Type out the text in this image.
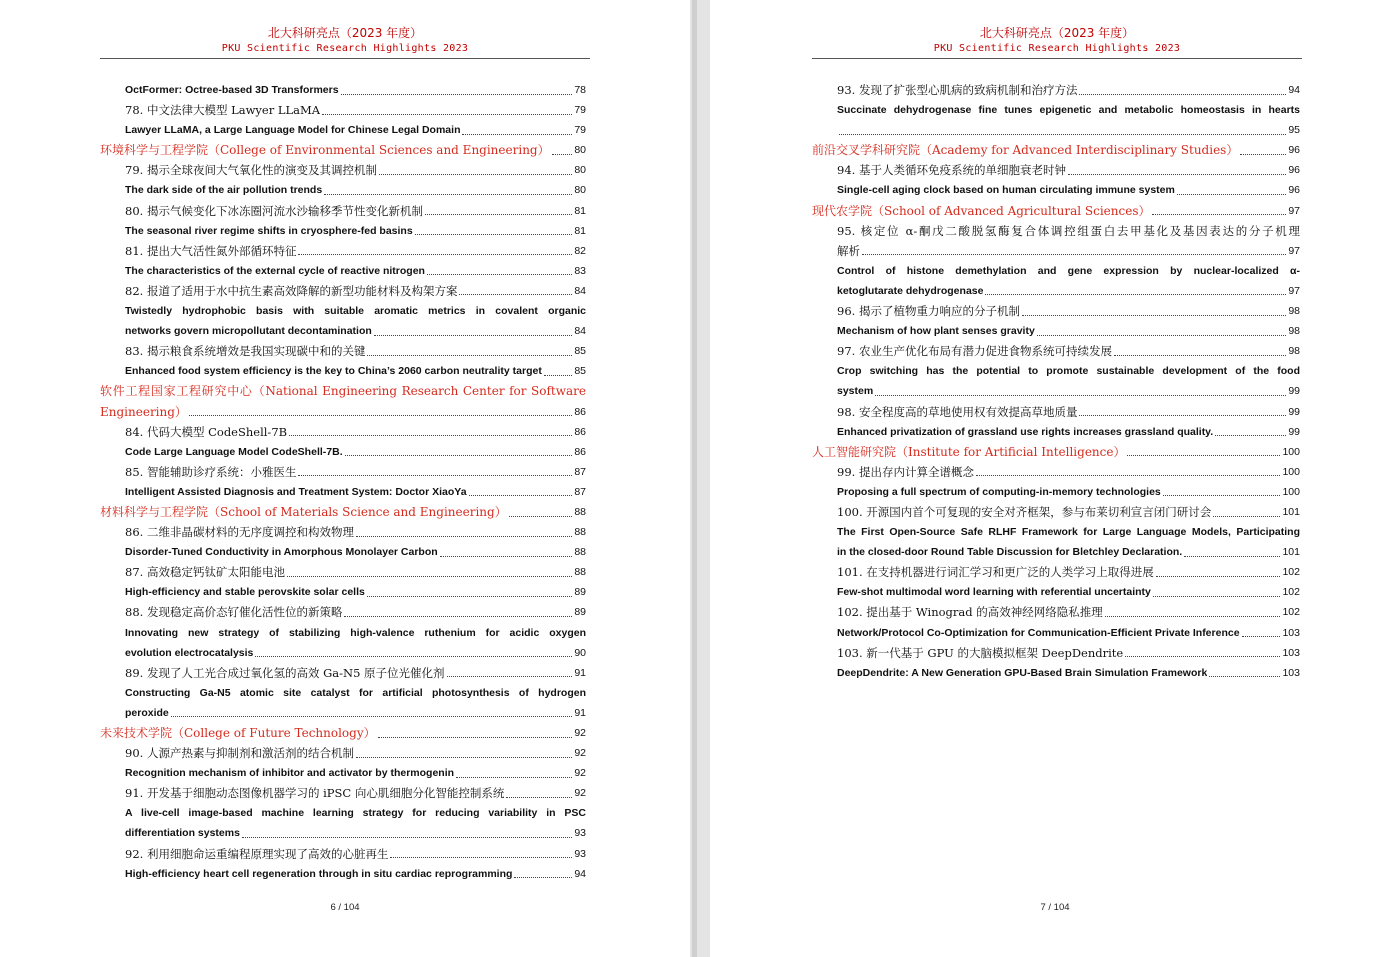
北大科研亮点（2023 年度）
PKU Scientific Research Highlights 2023
OctFormer: Octree-based 3D Transformers	78
78. 中文法律大模型 Lawyer LLaMA	79
Lawyer LLaMA, a Large Language Model for Chinese Legal Domain	79
环境科学与工程学院（College of Environmental Sciences and Engineering） 80
79. 揭示全球夜间大气氧化性的演变及其调控机制	80
The dark side of the air pollution trends	80
80. 揭示气候变化下冰冻圈河流水沙输移季节性变化新机制	81
The seasonal river regime shifts in cryosphere-fed basins	81
81. 提出大气活性氮外部循环特征	82
The characteristics of the external cycle of reactive nitrogen	83
82. 报道了适用于水中抗生素高效降解的新型功能材料及构架方案	84
Twistedly hydrophobic basis with suitable aromatic metrics in covalent organic
networks govern micropollutant decontamination	84
83. 揭示粮食系统增效是我国实现碳中和的关键	85
Enhanced food system efficiency is the key to China’s 2060 carbon neutrality target	85
软件工程国家工程研究中心（National Engineering Research Center for Software
Engineering）	86
84. 代码大模型 CodeShell-7B	86
Code Large Language Model CodeShell-7B.	86
85. 智能辅助诊疗系统：小雅医生	87
Intelligent Assisted Diagnosis and Treatment System: Doctor XiaoYa	87
材料科学与工程学院（School of Materials Science and Engineering）	88
86. 二维非晶碳材料的无序度调控和构效物理	88
Disorder-Tuned Conductivity in Amorphous Monolayer Carbon	88
87. 高效稳定钙钛矿太阳能电池	88
High-efficiency and stable perovskite solar cells	89
88. 发现稳定高价态钌催化活性位的新策略	89
Innovating new strategy of stabilizing high-valence ruthenium for acidic oxygen
evolution electrocatalysis	90
89. 发现了人工光合成过氧化氢的高效 Ga-N5 原子位光催化剂	91
Constructing Ga-N5 atomic site catalyst for artificial photosynthesis of hydrogen
peroxide	91
未来技术学院（College of Future Technology）	92
90. 人源产热素与抑制剂和激活剂的结合机制	92
Recognition mechanism of inhibitor and activator by thermogenin	92
91. 开发基于细胞动态图像机器学习的 iPSC 向心肌细胞分化智能控制系统	92
A live-cell image-based machine learning strategy for reducing variability in PSC
differentiation systems	93
92. 利用细胞命运重编程原理实现了高效的心脏再生	93
High-efficiency heart cell regeneration through in situ cardiac reprogramming	94
6 / 104
北大科研亮点（2023 年度）
PKU Scientific Research Highlights 2023
93. 发现了扩张型心肌病的致病机制和治疗方法	94
Succinate dehydrogenase fine tunes epigenetic and metabolic homeostasis in hearts
95
前沿交叉学科研究院（Academy for Advanced Interdisciplinary Studies）	96
94. 基于人类循环免疫系统的单细胞衰老时钟	96
Single-cell aging clock based on human circulating immune system	96
现代农学院（School of Advanced Agricultural Sciences）	97
95. 核定位 α-酮戊二酸脱氢酶复合体调控组蛋白去甲基化及基因表达的分子机理
解析	97
Control of histone demethylation and gene expression by nuclear-localized α-
ketoglutarate dehydrogenase	97
96. 揭示了植物重力响应的分子机制	98
Mechanism of how plant senses gravity	98
97. 农业生产优化布局有潜力促进食物系统可持续发展	98
Crop switching has the potential to promote sustainable development of the food
system	99
98. 安全程度高的草地使用权有效提高草地质量	99
Enhanced privatization of grassland use rights increases grassland quality.	99
人工智能研究院（Institute for Artificial Intelligence）	100
99. 提出存内计算全谱概念	100
Proposing a full spectrum of computing-in-memory technologies	100
100. 开源国内首个可复现的安全对齐框架，参与布莱切利宣言闭门研讨会	101
The First Open-Source Safe RLHF Framework for Large Language Models, Participating
in the closed-door Round Table Discussion for Bletchley Declaration.	101
101. 在支持机器进行词汇学习和更广泛的人类学习上取得进展	102
Few-shot multimodal word learning with referential uncertainty	102
102. 提出基于 Winograd 的高效神经网络隐私推理	102
Network/Protocol Co-Optimization for Communication-Efficient Private Inference	103
103. 新一代基于 GPU 的大脑模拟框架 DeepDendrite	103
DeepDendrite: A New Generation GPU-Based Brain Simulation Framework	103
7 / 104
